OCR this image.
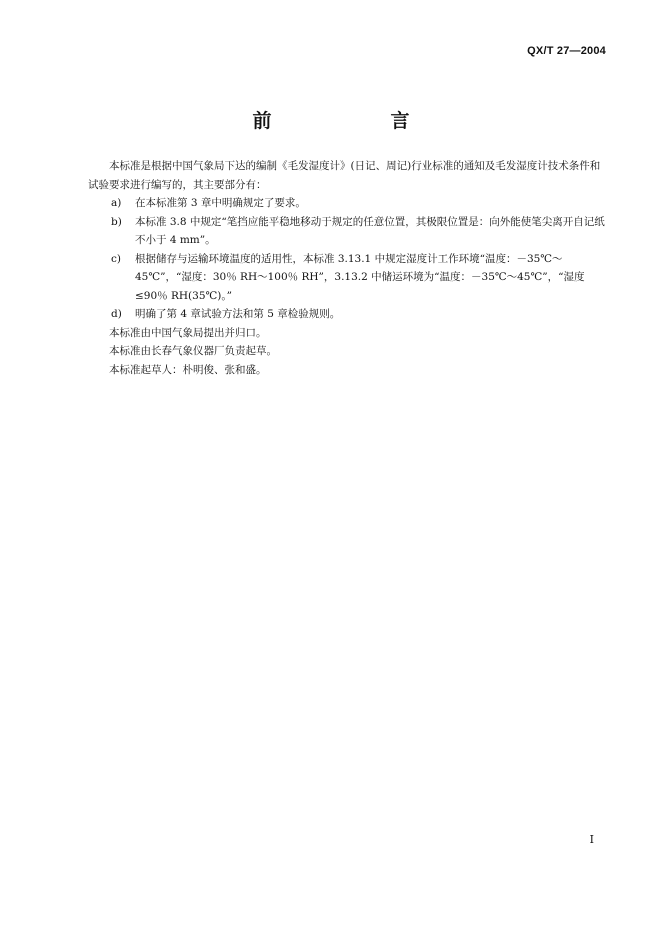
QX/T 27—2004
前　　言

本标准是根据中国气象局下达的编制《毛发湿度计》(日记、周记)行业标准的通知及毛发湿度计技术条件和试验要求进行编写的，其主要部分有：

a)	在本标准第 3 章中明确规定了要求。
b)	本标准 3.8 中规定“笔挡应能平稳地移动于规定的任意位置，其极限位置是：向外能使笔尖离开自记纸不小于 4 mm”。
c)	根据储存与运输环境温度的适用性，本标准 3.13.1 中规定湿度计工作环境“温度：－35℃～45℃”，“湿度：30％ RH～100％ RH”，3.13.2 中储运环境为“温度：－35℃～45℃”，“湿度≤90％ RH(35℃)。”
d)	明确了第 4 章试验方法和第 5 章检验规则。

本标准由中国气象局提出并归口。

本标准由长春气象仪器厂负责起草。

本标准起草人：朴明俊、张和盛。

I
